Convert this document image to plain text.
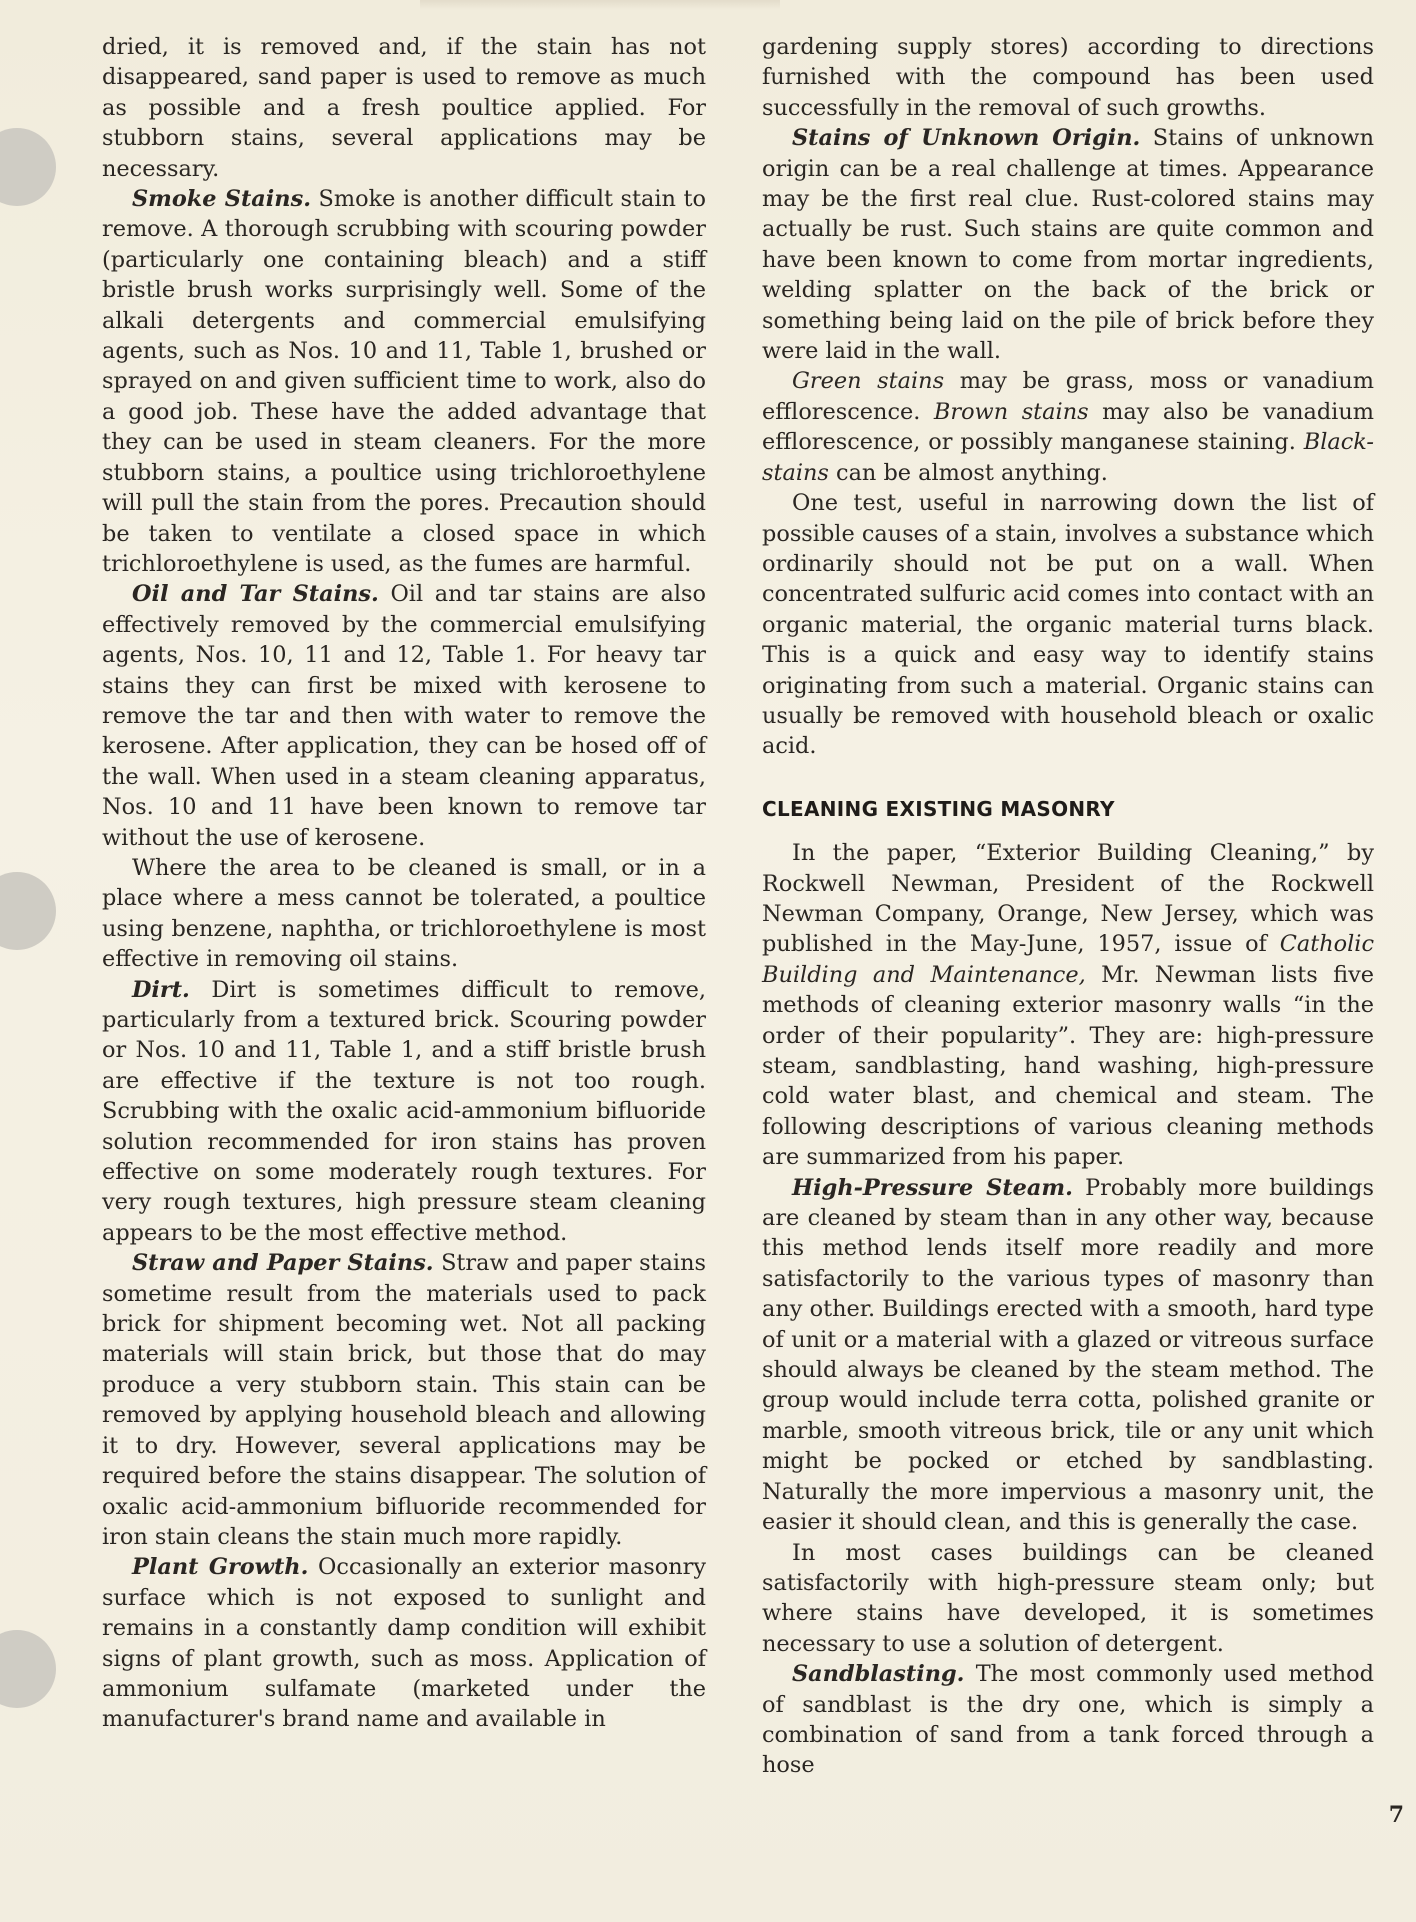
dried, it is removed and, if the stain has not disappeared, sand paper is used to remove as much as possible and a fresh poultice applied. For stubborn stains, several applications may be necessary.

Smoke Stains. Smoke is another difficult stain to remove. A thorough scrubbing with scouring powder (particularly one containing bleach) and a stiff bristle brush works surprisingly well. Some of the alkali detergents and commercial emulsifying agents, such as Nos. 10 and 11, Table 1, brushed or sprayed on and given sufficient time to work, also do a good job. These have the added advantage that they can be used in steam cleaners. For the more stubborn stains, a poultice using trichloroethylene will pull the stain from the pores. Precaution should be taken to ventilate a closed space in which trichloroethylene is used, as the fumes are harmful.

Oil and Tar Stains. Oil and tar stains are also effectively removed by the commercial emulsifying agents, Nos. 10, 11 and 12, Table 1. For heavy tar stains they can first be mixed with kerosene to remove the tar and then with water to remove the kerosene. After application, they can be hosed off of the wall. When used in a steam cleaning apparatus, Nos. 10 and 11 have been known to remove tar without the use of kerosene.

Where the area to be cleaned is small, or in a place where a mess cannot be tolerated, a poultice using benzene, naphtha, or trichloroethylene is most effective in removing oil stains.

Dirt. Dirt is sometimes difficult to remove, particularly from a textured brick. Scouring powder or Nos. 10 and 11, Table 1, and a stiff bristle brush are effective if the texture is not too rough. Scrubbing with the oxalic acid-ammonium bifluoride solution recommended for iron stains has proven effective on some moderately rough textures. For very rough textures, high pressure steam cleaning appears to be the most effective method.

Straw and Paper Stains. Straw and paper stains sometime result from the materials used to pack brick for shipment becoming wet. Not all packing materials will stain brick, but those that do may produce a very stubborn stain. This stain can be removed by applying household bleach and allowing it to dry. However, several applications may be required before the stains disappear. The solution of oxalic acid-ammonium bifluoride recommended for iron stain cleans the stain much more rapidly.

Plant Growth. Occasionally an exterior masonry surface which is not exposed to sunlight and remains in a constantly damp condition will exhibit signs of plant growth, such as moss. Application of ammonium sulfamate (marketed under the manufacturer's brand name and available in

gardening supply stores) according to directions furnished with the compound has been used successfully in the removal of such growths.

Stains of Unknown Origin. Stains of unknown origin can be a real challenge at times. Appearance may be the first real clue. Rust-colored stains may actually be rust. Such stains are quite common and have been known to come from mortar ingredients, welding splatter on the back of the brick or something being laid on the pile of brick before they were laid in the wall.

Green stains may be grass, moss or vanadium efflorescence. Brown stains may also be vanadium efflorescence, or possibly manganese staining. Black-stains can be almost anything.

One test, useful in narrowing down the list of possible causes of a stain, involves a substance which ordinarily should not be put on a wall. When concentrated sulfuric acid comes into contact with an organic material, the organic material turns black. This is a quick and easy way to identify stains originating from such a material. Organic stains can usually be removed with household bleach or oxalic acid.

CLEANING EXISTING MASONRY

In the paper, “Exterior Building Cleaning,” by Rockwell Newman, President of the Rockwell Newman Company, Orange, New Jersey, which was published in the May-June, 1957, issue of Catholic Building and Maintenance, Mr. Newman lists five methods of cleaning exterior masonry walls “in the order of their popularity”. They are: high-pressure steam, sandblasting, hand washing, high-pressure cold water blast, and chemical and steam. The following descriptions of various cleaning methods are summarized from his paper.

High-Pressure Steam. Probably more buildings are cleaned by steam than in any other way, because this method lends itself more readily and more satisfactorily to the various types of masonry than any other. Buildings erected with a smooth, hard type of unit or a material with a glazed or vitreous surface should always be cleaned by the steam method. The group would include terra cotta, polished granite or marble, smooth vitreous brick, tile or any unit which might be pocked or etched by sandblasting. Naturally the more impervious a masonry unit, the easier it should clean, and this is generally the case.

In most cases buildings can be cleaned satisfactorily with high-pressure steam only; but where stains have developed, it is sometimes necessary to use a solution of detergent.

Sandblasting. The most commonly used method of sandblast is the dry one, which is simply a combination of sand from a tank forced through a hose

7
